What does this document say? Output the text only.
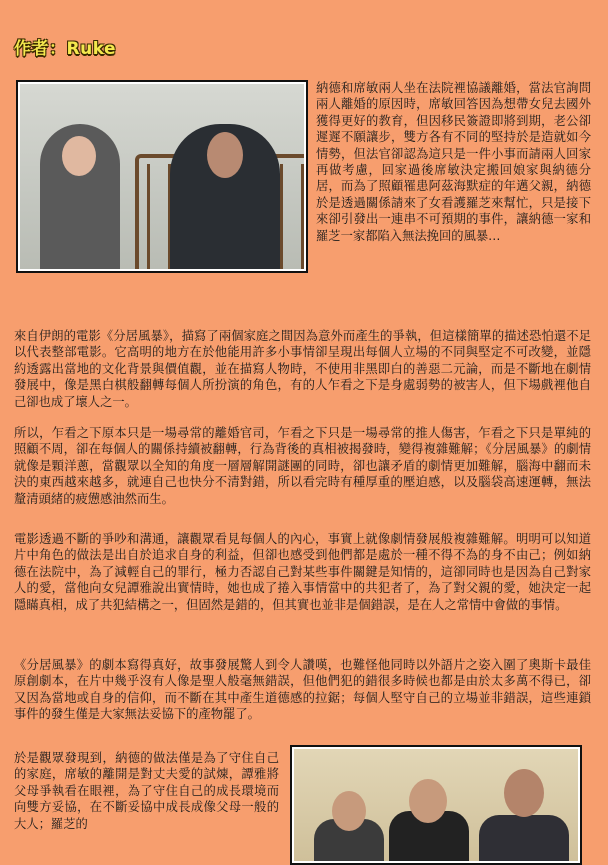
作者：Ruke
納德和席敏兩人坐在法院裡協議離婚，當法官詢問兩人離婚的原因時，席敏回答因為想帶女兒去國外獲得更好的教育，但因移民簽證即將到期，老公卻遲遲不願讓步，雙方各有不同的堅持於是造就如今情勢，但法官卻認為這只是一件小事而請兩人回家再做考慮，回家過後席敏決定搬回娘家與納德分居，而為了照顧罹患阿茲海默症的年邁父親，納德於是透過關係請來了女看護羅芝來幫忙，只是接下來卻引發出一連串不可預期的事件，讓納德一家和羅芝一家都陷入無法挽回的風暴…

來自伊朗的電影《分居風暴》，描寫了兩個家庭之間因為意外而產生的爭執，但這樣簡單的描述恐怕還不足以代表整部電影。它高明的地方在於他能用許多小事情卻呈現出每個人立場的不同與堅定不可改變，並隱約透露出當地的文化背景與價值觀，並在描寫人物時，不使用非黑即白的善惡二元論，而是不斷地在劇情發展中，像是黑白棋般翻轉每個人所扮演的角色，有的人乍看之下是身處弱勢的被害人，但下場戲裡他自己卻也成了壞人之一。

所以，乍看之下原本只是一場尋常的離婚官司，乍看之下只是一場尋常的推人傷害，乍看之下只是單純的照顧不周，卻在每個人的關係持續被翻轉，行為背後的真相被揭發時，變得複雜難解；《分居風暴》的劇情就像是顆洋蔥，當觀眾以全知的角度一層層解開謎團的同時，卻也讓矛盾的劇情更加難解，腦海中翻而未決的東西越來越多，就連自己也快分不清對錯，所以看完時有種厚重的壓迫感，以及腦袋高速運轉，無法釐清頭緒的疲憊感油然而生。

電影透過不斷的爭吵和溝通，讓觀眾看見每個人的內心，事實上就像劇情發展般複雜難解。明明可以知道片中角色的做法是出自於追求自身的利益，但卻也感受到他們都是處於一種不得不為的身不由己；例如納德在法院中，為了減輕自己的罪行，極力否認自己對某些事件關鍵是知情的，這卻同時也是因為自己對家人的愛，當他向女兒譚雅說出實情時，她也成了捲入事情當中的共犯者了，為了對父親的愛，她決定一起隱瞞真相，成了共犯結構之一，但固然是錯的，但其實也並非是個錯誤，是在人之常情中會做的事情。

《分居風暴》的劇本寫得真好，故事發展驚人到令人讚嘆，也難怪他同時以外語片之姿入圍了奧斯卡最佳原創劇本，在片中幾乎沒有人像是聖人般毫無錯誤，但他們犯的錯很多時候也都是由於太多萬不得已，卻又因為當地或自身的信仰，而不斷在其中產生道德感的拉鋸；每個人堅守自己的立場並非錯誤，這些連鎖事件的發生僅是大家無法妥協下的產物罷了。

於是觀眾發現到，納德的做法僅是為了守住自己的家庭，席敏的離開是對丈夫愛的試煉，譚雅將父母爭執看在眼裡，為了守住自己的成長環境而向雙方妥協，在不斷妥協中成長成像父母一般的大人；羅芝的
